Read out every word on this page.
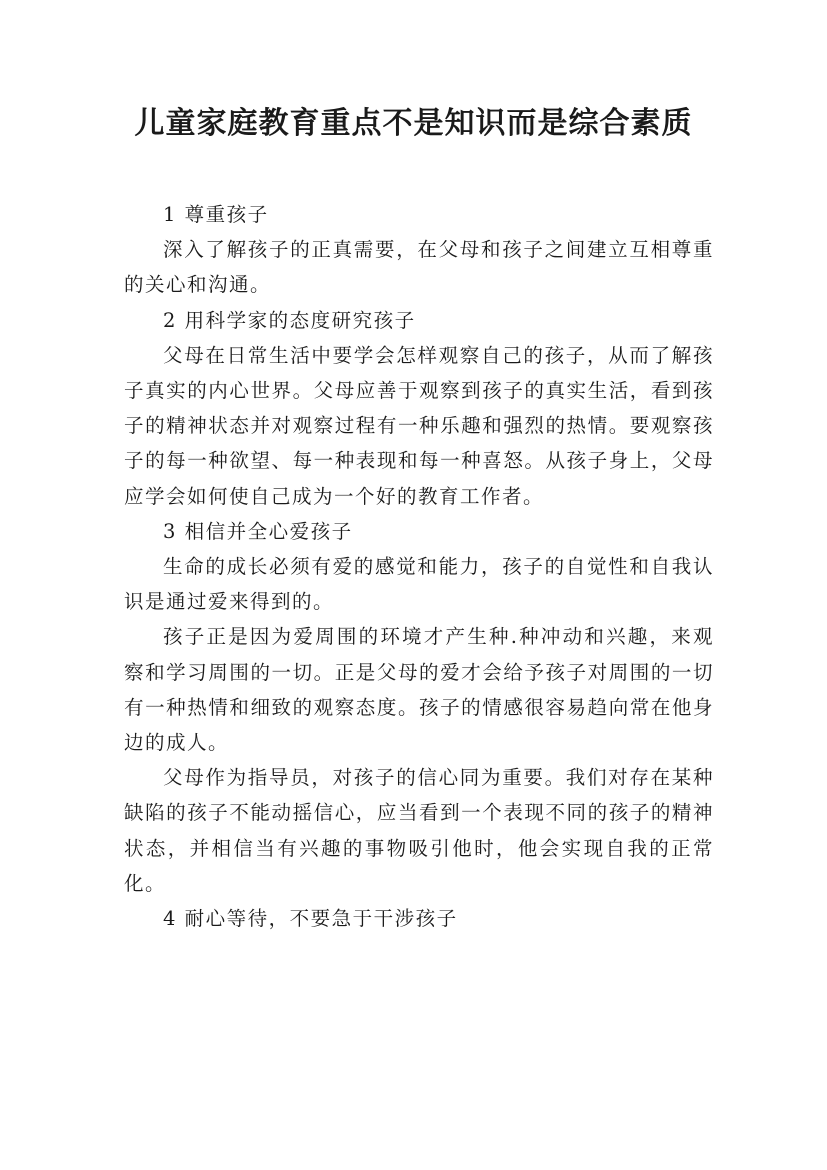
儿童家庭教育重点不是知识而是综合素质

1 尊重孩子

深入了解孩子的正真需要，在父母和孩子之间建立互相尊重的关心和沟通。

2 用科学家的态度研究孩子

父母在日常生活中要学会怎样观察自己的孩子，从而了解孩子真实的内心世界。父母应善于观察到孩子的真实生活，看到孩子的精神状态并对观察过程有一种乐趣和强烈的热情。要观察孩子的每一种欲望、每一种表现和每一种喜怒。从孩子身上，父母应学会如何使自己成为一个好的教育工作者。

3 相信并全心爱孩子

生命的成长必须有爱的感觉和能力，孩子的自觉性和自我认识是通过爱来得到的。

孩子正是因为爱周围的环境才产生种.种冲动和兴趣，来观察和学习周围的一切。正是父母的爱才会给予孩子对周围的一切有一种热情和细致的观察态度。孩子的情感很容易趋向常在他身边的成人。

父母作为指导员，对孩子的信心同为重要。我们对存在某种缺陷的孩子不能动摇信心，应当看到一个表现不同的孩子的精神状态，并相信当有兴趣的事物吸引他时，他会实现自我的正常化。

4 耐心等待，不要急于干涉孩子
